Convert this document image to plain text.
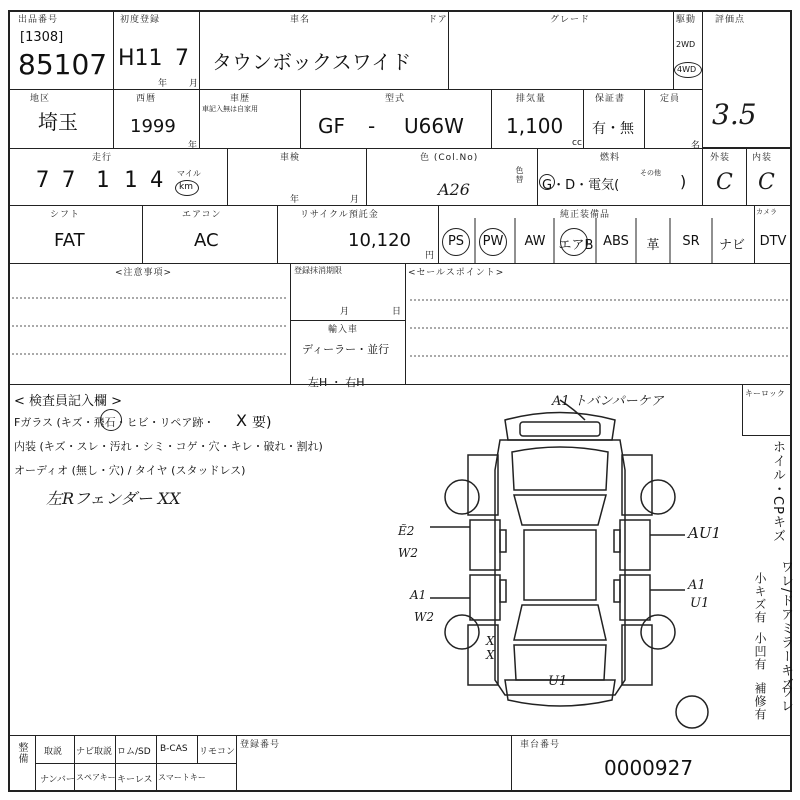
出品番号
[1308]
85107
初度登録
H11 7
年 月
車名
タウンボックスワイド
ドア	グレード	駆動
2WD
4WD
評価点
3.5
地区
埼玉
西暦
1999
年
車歴
車記入無は自家用
型式
GF - U66W
排気量
1,100
cc
保証書
有・無
定員
名
走行
7 7 1 1 4 マイル
km
車検
年	月
色 (Col.No)
A26
色替
燃料
G・D・電気(
その他 )
外装
C
内装
C
シフト
FAT
エアコン
AC
リサイクル預託金
10,120
円
純正装備品	カメラ
PS	PW	AW	エアB ABS	革	SR	ナビ	DTV
<注意事項>	登録抹消期限
月	日
輸入車
ディーラー・並行
左H ・ 右H
<セールスポイント>
< 検査員記入欄 >
Fガラス (キズ・飛石・ヒビ・リペア跡・ X 要)
内装 (キズ・スレ・汚れ・シミ・コゲ・穴・キレ・破れ・割れ)
オーディオ (無し・穴) / タイヤ (スタッドレス)
左Rフェンダー XX
キーロック
ホイル・CPキズ
ワレ/ドアミラーキズ
ワレ
小キズ有
小凹有
補修有
A1 トバンパーケア
Ẽ2 W2
A1
W2
AU1
A1
U1
X X
U1
整備 取説 ナビ取説 ロム/SD B-CAS リモコン
ナンバー スペアキー キーレス スマートキー
登録番号	車台番号
0000927
